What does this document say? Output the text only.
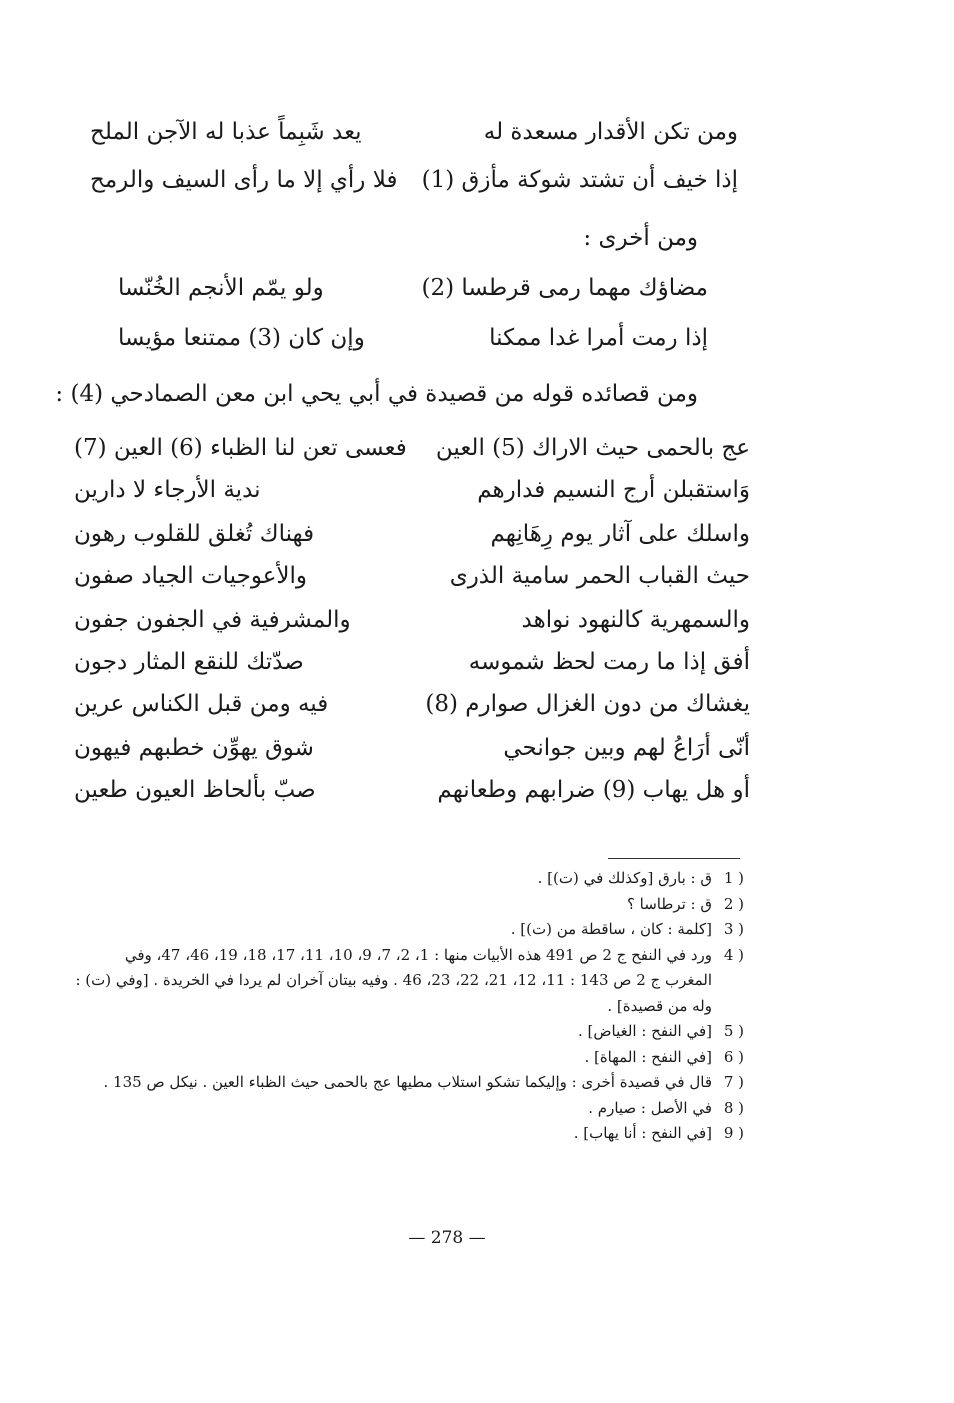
ومن تكن الأقدار مسعدة له
يعد شَبِماً عذبا له الآجن الملح
إذا خيف أن تشتد شوكة مأزق (1)
فلا رأي إلا ما رأى السيف والرمح
ومن أخرى :
مضاؤك مهما رمى قرطسا (2)
ولو يمّم الأنجم الخُنّسا
إذا رمت أمرا غدا ممكنا
وإن كان (3) ممتنعا مؤيسا
ومن قصائده قوله من قصيدة في أبي يحي ابن معن الصمادحي (4) :
عج بالحمى حيث الاراك (5) العين
فعسى تعن لنا الظباء (6) العين (7)
وَاستقبلن أرج النسيم فدارهم
ندية الأرجاء لا دارين
واسلك على آثار يوم رِهَانِهم
فهناك تُغلق للقلوب رهون
حيث القباب الحمر سامية الذرى
والأعوجيات الجياد صفون
والسمهرية كالنهود نواهد
والمشرفية في الجفون جفون
أفق إذا ما رمت لحظ شموسه
صدّتك للنقع المثار دجون
يغشاك من دون الغزال صوارم (8)
فيه ومن قبل الكناس عرين
أنّى أرَاعُ لهم وبين جوانحي
شوق يهوِّن خطبهم فيهون
أو هل يهاب (9) ضرابهم وطعانهم
صبّ بألحاظ العيون طعين
1 )
ق : بارق [وكذلك في (ت)] .
2 )
ق : ترطاسا ؟
3 )
[كلمة : كان ، ساقطة من (ت)] .
4 )
ورد في النفح ج 2 ص 491 هذه الأبيات منها : 1، 2، 7، 9، 10، 11، 17، 18، 19، 46، 47، وفي المغرب ج 2 ص 143 : 11، 12، 21، 22، 23، 46 . وفيه بيتان آخران لم يردا في الخريدة . [وفي (ت) : وله من قصيدة] .
5 )
[في النفح : الغياض] .
6 )
[في النفح : المهاة] .
7 )
قال في قصيدة أخرى : وإليكما تشكو استلاب مطيها عج بالحمى حيث الظباء العين . نيكل ص 135 .
8 )
في الأصل : صيارم .
9 )
[في النفح : أنا يهاب] .
— 278 —
